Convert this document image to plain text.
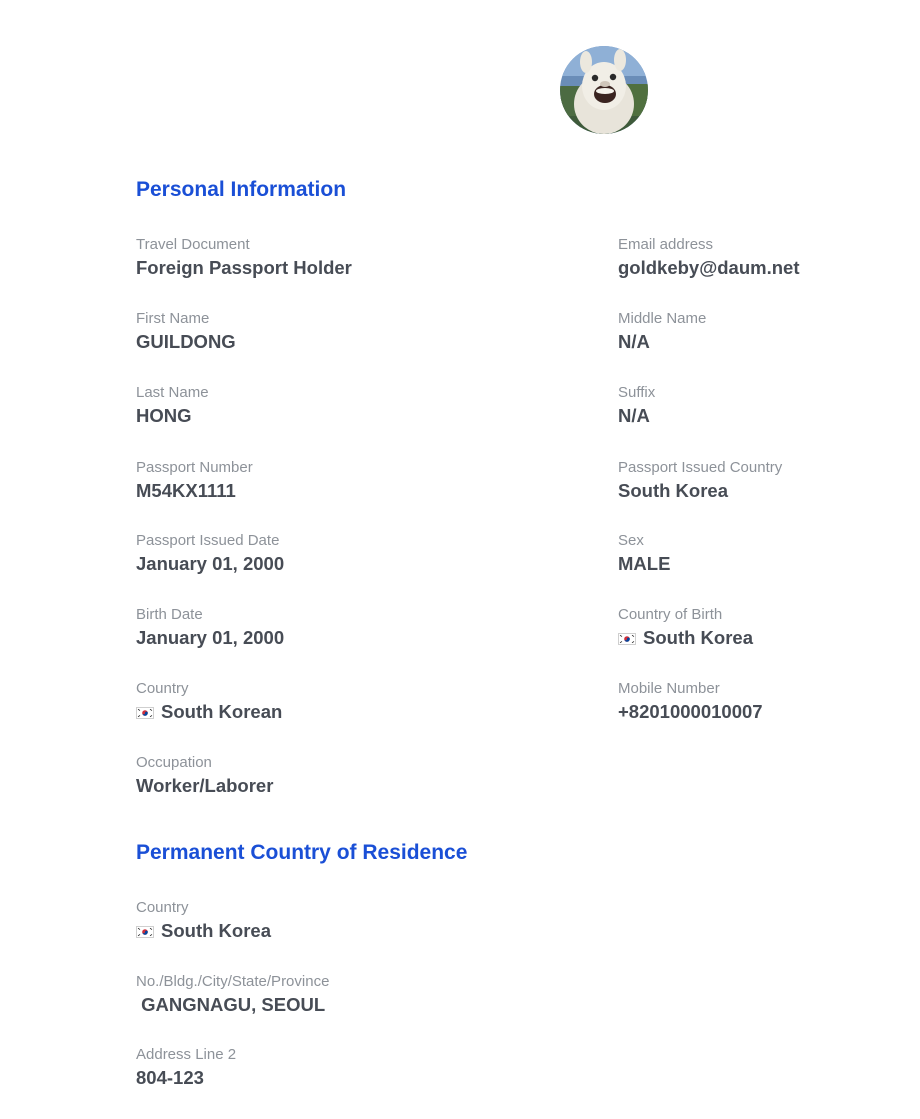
Personal Information
Travel Document
Foreign Passport Holder
Email address
goldkeby@daum.net
First Name
GUILDONG
Middle Name
N/A
Last Name
HONG
Suffix
N/A
Passport Number
M54KX1111
Passport Issued Country
South Korea
Passport Issued Date
January 01, 2000
Sex
MALE
Birth Date
January 01, 2000
Country of Birth
South Korea
Country
South Korean
Mobile Number
+8201000010007
Occupation
Worker/Laborer
Permanent Country of Residence
Country
South Korea
No./Bldg./City/State/Province
GANGNAGU, SEOUL
Address Line 2
804-123
